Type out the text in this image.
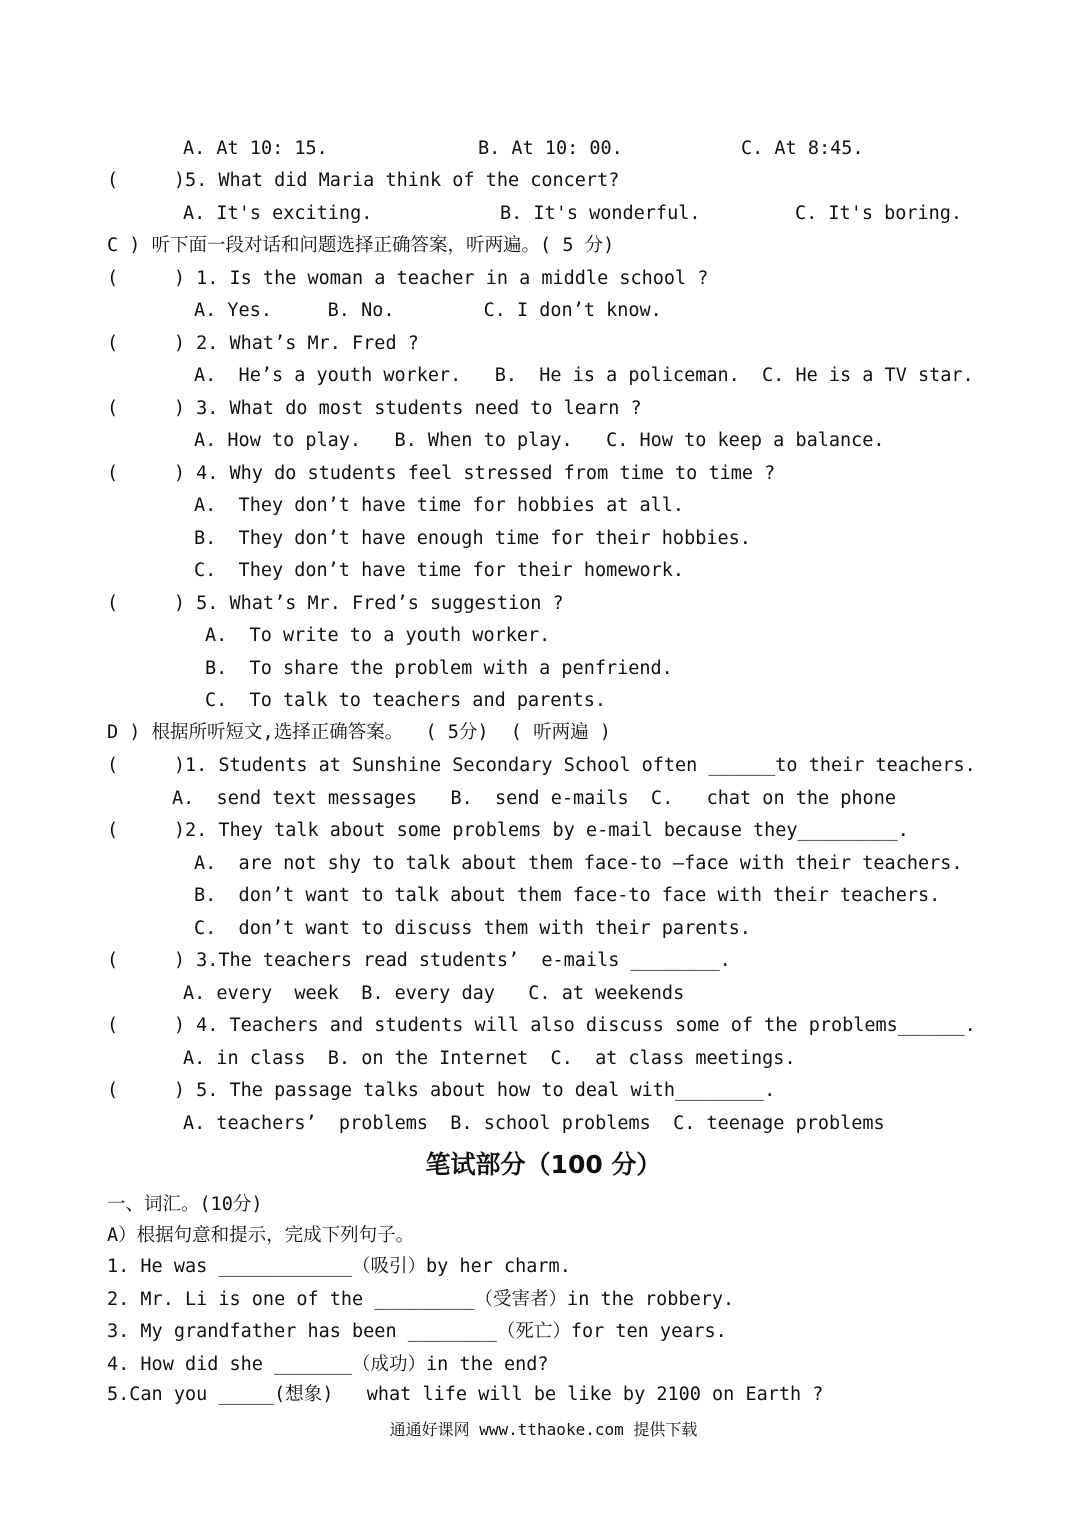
A. At 10: 15.	B. At 10: 00.	C. At 8:45.
(     )5. What did Maria think of the concert?
A. It's exciting.	B. It's wonderful.	C. It's boring.
C ) 听下面一段对话和问题选择正确答案，听两遍。( 5 分)
(     ) 1. Is the woman a teacher in a middle school ?
A. Yes.     B. No.        C. I don’t know.
(     ) 2. What’s Mr. Fred ?
A.  He’s a youth worker.   B.  He is a policeman.  C. He is a TV star.
(     ) 3. What do most students need to learn ?
A. How to play.   B. When to play.   C. How to keep a balance.
(     ) 4. Why do students feel stressed from time to time ?
A.  They don’t have time for hobbies at all.
B.  They don’t have enough time for their hobbies.
C.  They don’t have time for their homework.
(     ) 5. What’s Mr. Fred’s suggestion ?
A.  To write to a youth worker.
B.  To share the problem with a penfriend.
C.  To talk to teachers and parents.
D ) 根据所听短文,选择正确答案。  ( 5分)  ( 听两遍 )
(     )1. Students at Sunshine Secondary School often ______to their teachers.
A.  send text messages   B.  send e-mails  C.   chat on the phone
(     )2. They talk about some problems by e-mail because they_________.
A.  are not shy to talk about them face-to –face with their teachers.
B.  don’t want to talk about them face-to face with their teachers.
C.  don’t want to discuss them with their parents.
(     ) 3.The teachers read students’  e-mails ________.
A. every  week  B. every day   C. at weekends
(     ) 4. Teachers and students will also discuss some of the problems______.
A. in class  B. on the Internet  C.  at class meetings.
(     ) 5. The passage talks about how to deal with________.
A. teachers’  problems  B. school problems  C. teenage problems
笔试部分（100 分）
一、词汇。(10分)
A）根据句意和提示，完成下列句子。
1. He was ____________（吸引）by her charm.
2. Mr. Li is one of the _________（受害者）in the robbery.
3. My grandfather has been ________（死亡）for ten years.
4. How did she _______（成功）in the end?
5.Can you _____(想象)   what life will be like by 2100 on Earth ?
通通好课网 www.tthaoke.com 提供下载
